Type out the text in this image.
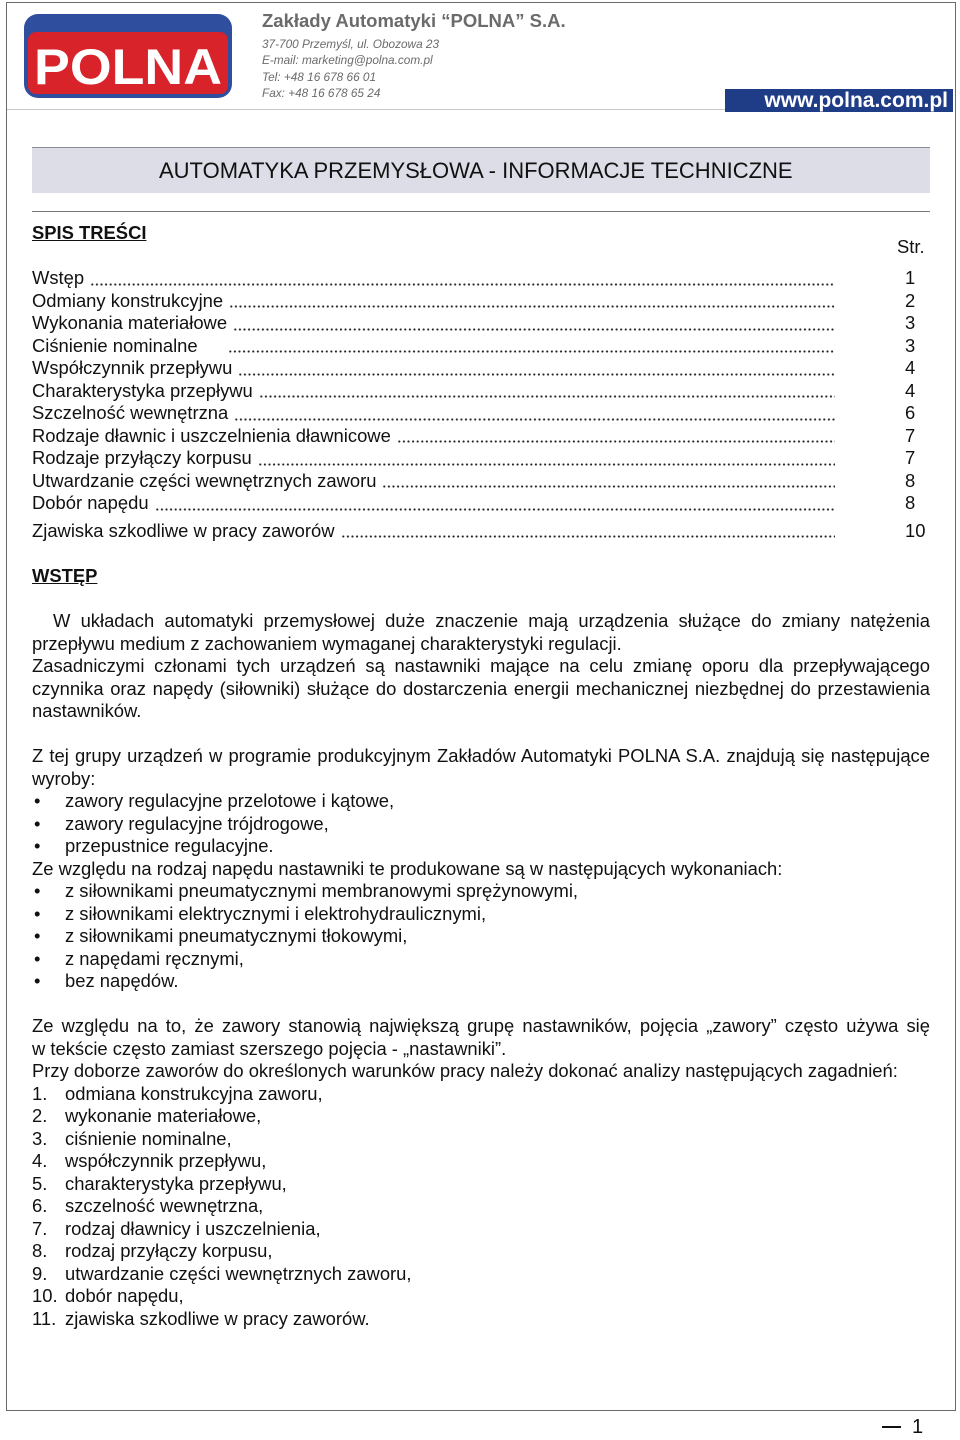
POLNA
Zakłady Automatyki “POLNA” S.A.
37-700 Przemyśl, ul. Obozowa 23
E-mail: marketing@polna.com.pl
Tel: +48 16 678 66 01
Fax: +48 16 678 65 24	www.polna.com.pl
AUTOMATYKA PRZEMYSŁOWA - INFORMACJE TECHNICZNE
SPIS TREŚCI
Str.
Wstęp	1
Odmiany konstrukcyjne	2
Wykonania materiałowe	3
Ciśnienie nominalne	3
Współczynnik przepływu	4
Charakterystyka przepływu	4
Szczelność wewnętrzna	6
Rodzaje dławnic i uszczelnienia dławnicowe	7
Rodzaje przyłączy korpusu	7
Utwardzanie części wewnętrznych zaworu	8
Dobór napędu	8
Zjawiska szkodliwe w pracy zaworów	10
WSTĘP
W układach automatyki przemysłowej duże znaczenie mają urządzenia służące do zmiany natężenia
przepływu medium z zachowaniem wymaganej charakterystyki regulacji.
Zasadniczymi członami tych urządzeń są nastawniki mające na celu zmianę oporu dla przepływającego
czynnika oraz napędy (siłowniki) służące do dostarczenia energii mechanicznej niezbędnej do przestawienia
nastawników.
Z tej grupy urządzeń w programie produkcyjnym Zakładów Automatyki POLNA S.A. znajdują się następujące
wyroby:
•
zawory regulacyjne przelotowe i kątowe,
•
zawory regulacyjne trójdrogowe,
•
przepustnice regulacyjne.
Ze względu na rodzaj napędu nastawniki te produkowane są w następujących wykonaniach:
•
z siłownikami pneumatycznymi membranowymi sprężynowymi,
•
z siłownikami elektrycznymi i elektrohydraulicznymi,
•
z siłownikami pneumatycznymi tłokowymi,
•
z napędami ręcznymi,
•
bez napędów.
Ze względu na to, że zawory stanowią największą grupę nastawników, pojęcia „zawory” często używa się
w tekście często zamiast szerszego pojęcia - „nastawniki”.
Przy doborze zaworów do określonych warunków pracy należy dokonać analizy następujących zagadnień:
1. odmiana konstrukcyjna zaworu,
2. wykonanie materiałowe,
3. ciśnienie nominalne,
4. współczynnik przepływu,
5. charakterystyka przepływu,
6. szczelność wewnętrzna,
7. rodzaj dławnicy i uszczelnienia,
8. rodzaj przyłączy korpusu,
9. utwardzanie części wewnętrznych zaworu,
10. dobór napędu,
11. zjawiska szkodliwe w pracy zaworów.
1
